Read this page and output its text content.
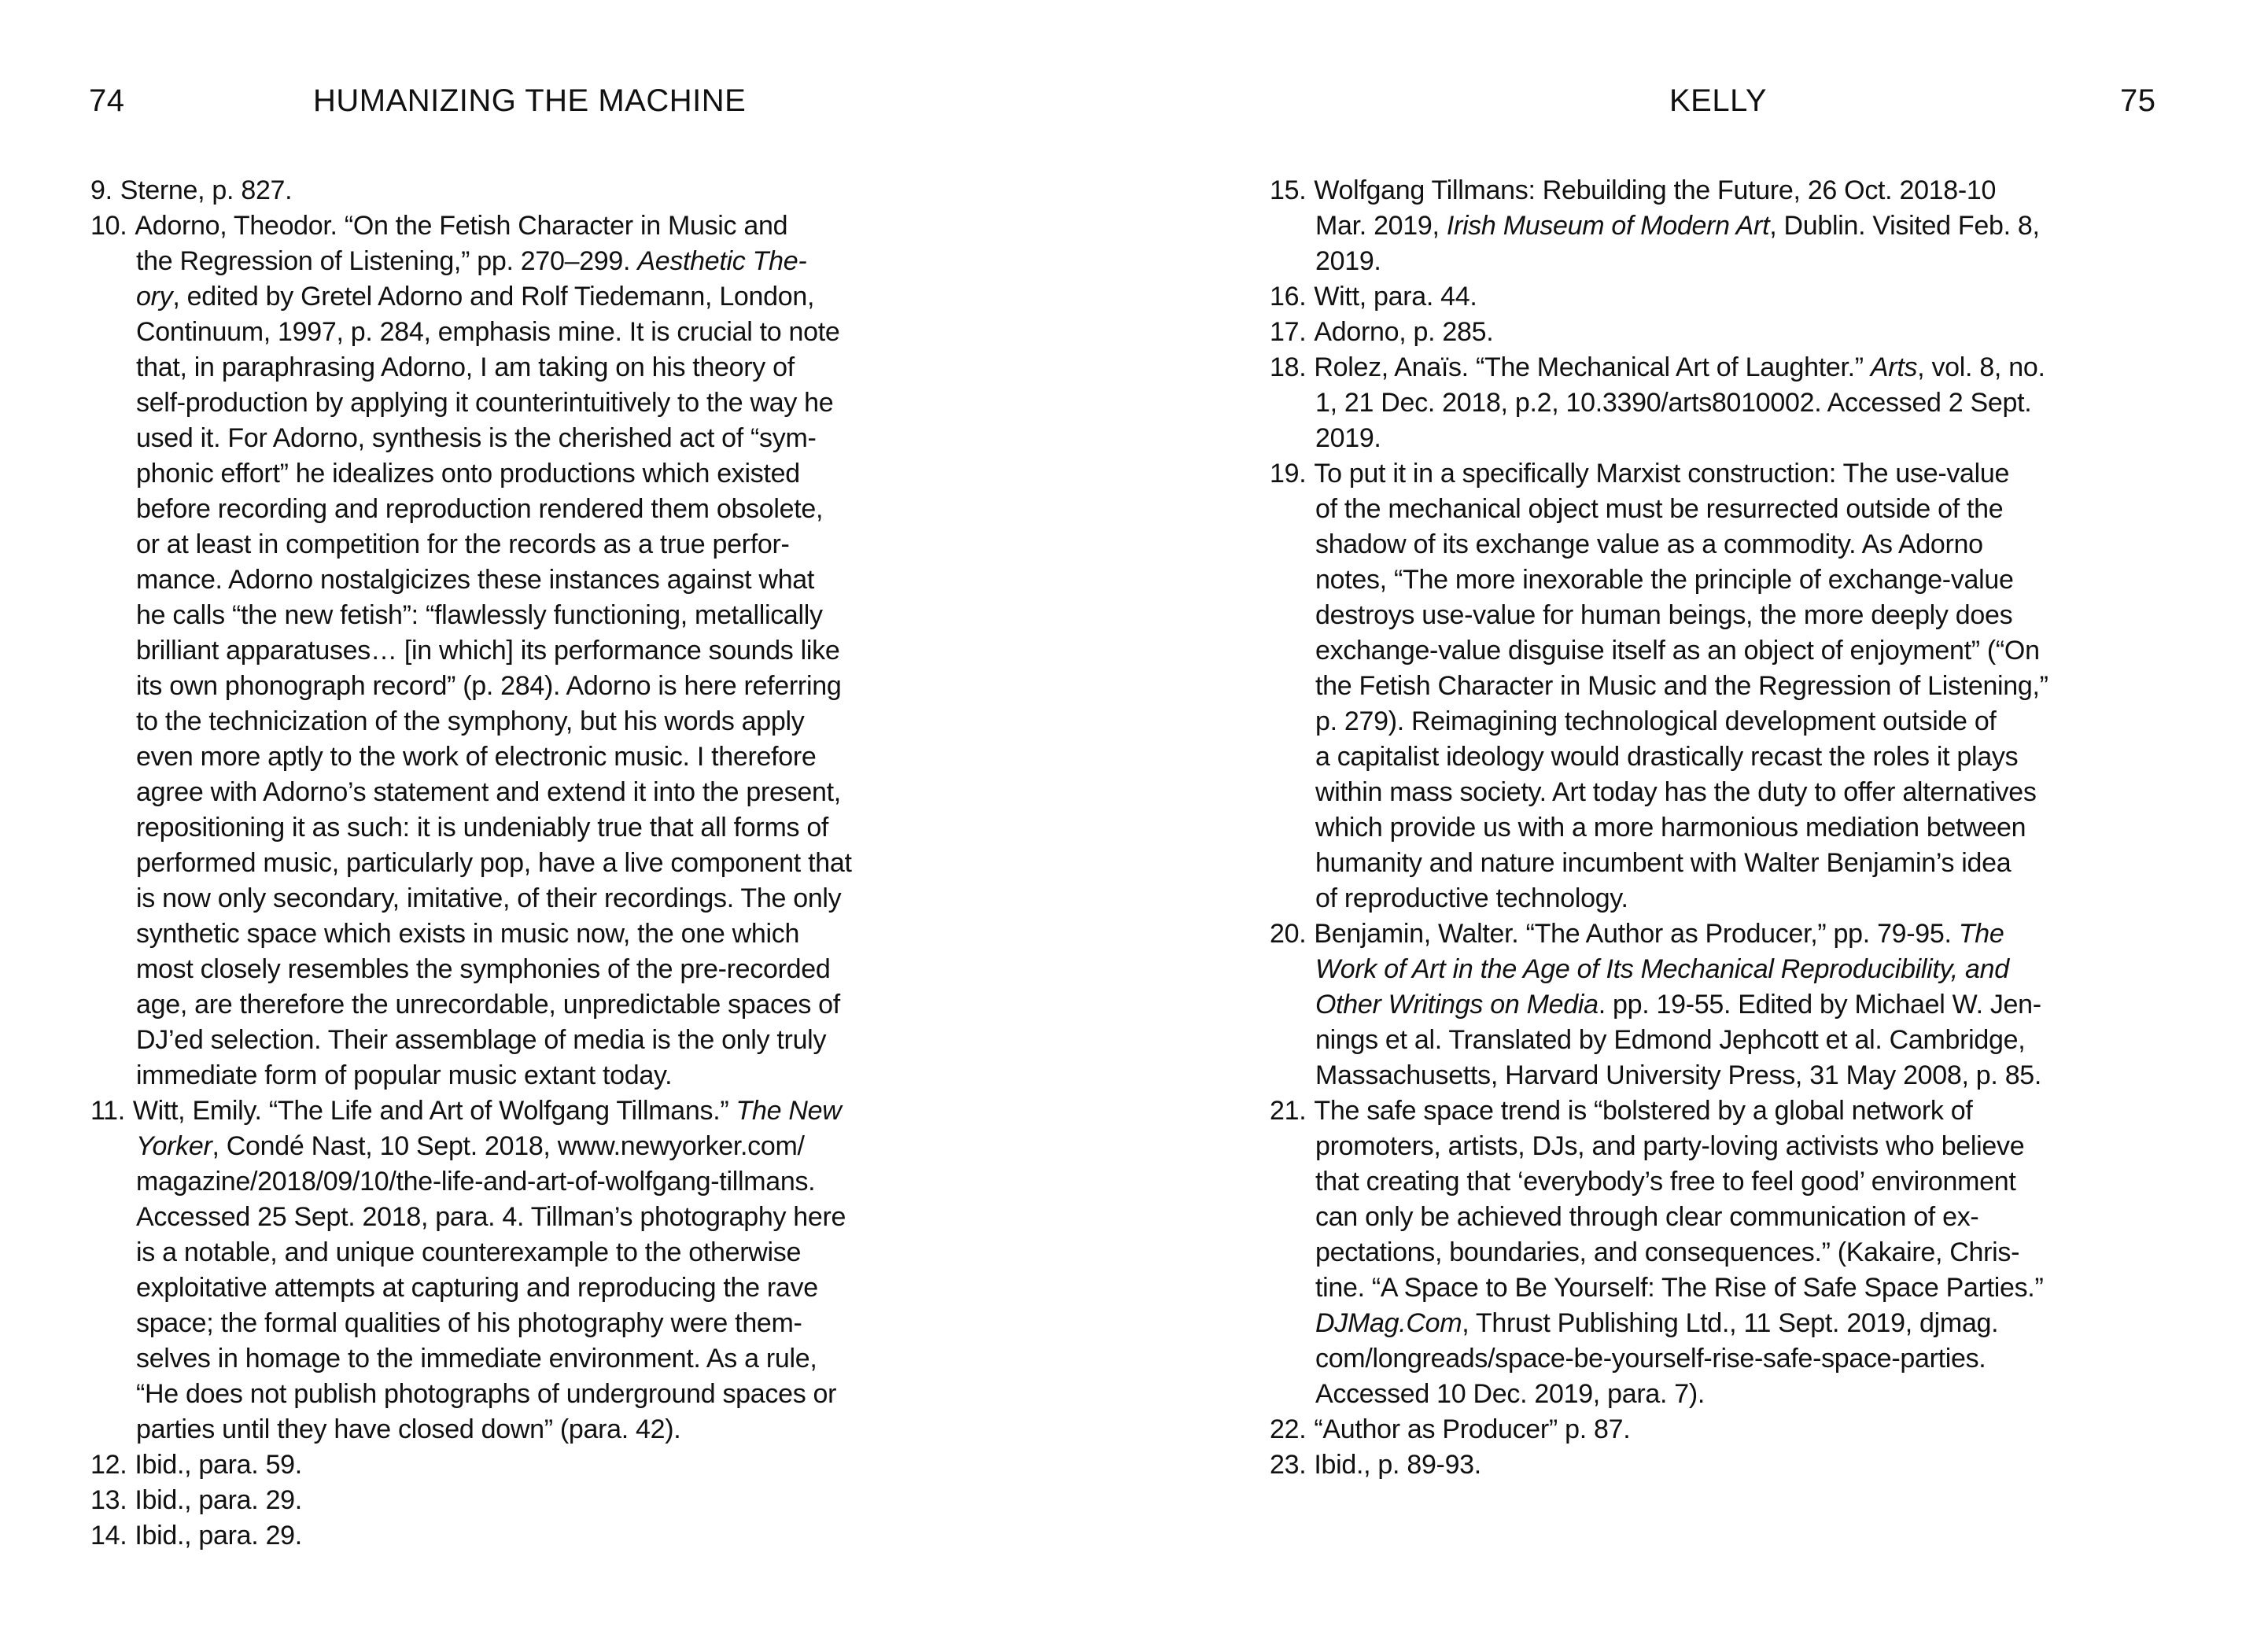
74	HUMANIZING THE MACHINE
9. Sterne, p. 827.
10. Adorno, Theodor. “On the Fetish Character in Music and
the Regression of Listening,” pp. 270–299. Aesthetic The-
ory, edited by Gretel Adorno and Rolf Tiedemann, London,
Continuum, 1997, p. 284, emphasis mine. It is crucial to note
that, in paraphrasing Adorno, I am taking on his theory of
self-production by applying it counterintuitively to the way he
used it. For Adorno, synthesis is the cherished act of “sym-
phonic effort” he idealizes onto productions which existed
before recording and reproduction rendered them obsolete,
or at least in competition for the records as a true perfor-
mance. Adorno nostalgicizes these instances against what
he calls “the new fetish”: “flawlessly functioning, metallically
brilliant apparatuses… [in which] its performance sounds like
its own phonograph record” (p. 284). Adorno is here referring
to the technicization of the symphony, but his words apply
even more aptly to the work of electronic music. I therefore
agree with Adorno’s statement and extend it into the present,
repositioning it as such: it is undeniably true that all forms of
performed music, particularly pop, have a live component that
is now only secondary, imitative, of their recordings. The only
synthetic space which exists in music now, the one which
most closely resembles the symphonies of the pre-recorded
age, are therefore the unrecordable, unpredictable spaces of
DJ’ed selection. Their assemblage of media is the only truly
immediate form of popular music extant today.
11. Witt, Emily. “The Life and Art of Wolfgang Tillmans.” The New
Yorker, Condé Nast, 10 Sept. 2018, www.newyorker.com/
magazine/2018/09/10/the-life-and-art-of-wolfgang-tillmans.
Accessed 25 Sept. 2018, para. 4. Tillman’s photography here
is a notable, and unique counterexample to the otherwise
exploitative attempts at capturing and reproducing the rave
space; the formal qualities of his photography were them-
selves in homage to the immediate environment. As a rule,
“He does not publish photographs of underground spaces or
parties until they have closed down” (para. 42).
12. Ibid., para. 59.
13. Ibid., para. 29.
14. Ibid., para. 29.
KELLY	75
15. Wolfgang Tillmans: Rebuilding the Future, 26 Oct. 2018-10
Mar. 2019, Irish Museum of Modern Art, Dublin. Visited Feb. 8,
2019.
16. Witt, para. 44.
17. Adorno, p. 285.
18. Rolez, Anaïs. “The Mechanical Art of Laughter.” Arts, vol. 8, no.
1, 21 Dec. 2018, p.2, 10.3390/arts8010002. Accessed 2 Sept.
2019.
19. To put it in a specifically Marxist construction: The use-value
of the mechanical object must be resurrected outside of the
shadow of its exchange value as a commodity. As Adorno
notes, “The more inexorable the principle of exchange-value
destroys use-value for human beings, the more deeply does
exchange-value disguise itself as an object of enjoyment” (“On
the Fetish Character in Music and the Regression of Listening,”
p. 279). Reimagining technological development outside of
a capitalist ideology would drastically recast the roles it plays
within mass society. Art today has the duty to offer alternatives
which provide us with a more harmonious mediation between
humanity and nature incumbent with Walter Benjamin’s idea
of reproductive technology.
20. Benjamin, Walter. “The Author as Producer,” pp. 79-95. The
Work of Art in the Age of Its Mechanical Reproducibility, and
Other Writings on Media. pp. 19-55. Edited by Michael W. Jen-
nings et al. Translated by Edmond Jephcott et al. Cambridge,
Massachusetts, Harvard University Press, 31 May 2008, p. 85.
21. The safe space trend is “bolstered by a global network of
promoters, artists, DJs, and party-loving activists who believe
that creating that ‘everybody’s free to feel good’ environment
can only be achieved through clear communication of ex-
pectations, boundaries, and consequences.” (Kakaire, Chris-
tine. “A Space to Be Yourself: The Rise of Safe Space Parties.”
DJMag.Com, Thrust Publishing Ltd., 11 Sept. 2019, djmag.
com/longreads/space-be-yourself-rise-safe-space-parties.
Accessed 10 Dec. 2019, para. 7).
22. “Author as Producer” p. 87.
23. Ibid., p. 89-93.
